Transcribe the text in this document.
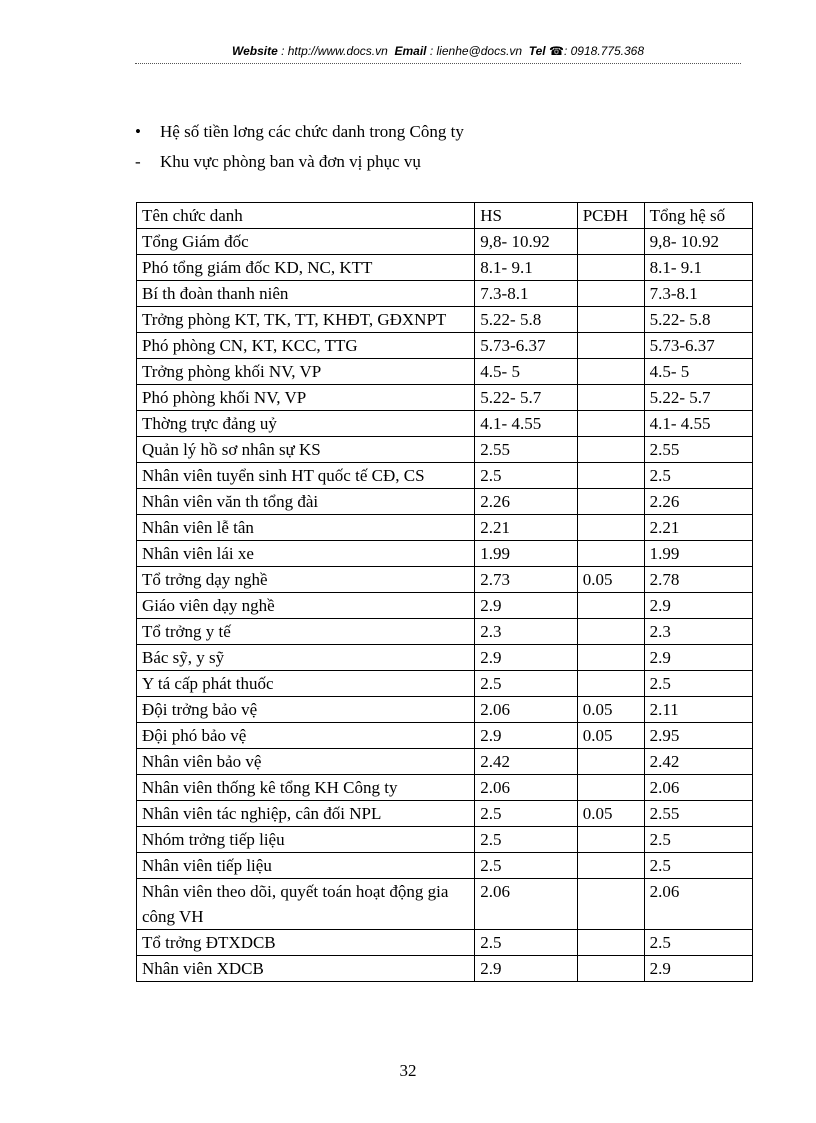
Website : http://www.docs.vn Email : lienhe@docs.vn Tel ☎: 0918.775.368
• Hệ số tiền lơng các chức danh trong Công ty
- Khu vực phòng ban và đơn vị phục vụ
Tên chức danh	HS	PCĐH	Tổng hệ số
Tổng Giám đốc	9,8- 10.92		9,8- 10.92
Phó tổng giám đốc KD, NC, KTT	8.1- 9.1		8.1- 9.1
Bí th đoàn thanh niên	7.3-8.1		7.3-8.1
Trởng phòng KT, TK, TT, KHĐT, GĐXNPT	5.22- 5.8		5.22- 5.8
Phó phòng CN, KT, KCC, TTG	5.73-6.37		5.73-6.37
Trởng phòng khối NV, VP	4.5- 5		4.5- 5
Phó phòng khối NV, VP	5.22- 5.7		5.22- 5.7
Thờng trực đảng uỷ	4.1- 4.55		4.1- 4.55
Quản lý hồ sơ nhân sự KS	2.55		2.55
Nhân viên tuyển sinh HT quốc tế CĐ, CS	2.5		2.5
Nhân viên văn th tổng đài	2.26		2.26
Nhân viên lễ tân	2.21		2.21
Nhân viên lái xe	1.99		1.99
Tổ trởng dạy nghề	2.73	0.05	2.78
Giáo viên dạy nghề	2.9		2.9
Tổ trởng y tế	2.3		2.3
Bác sỹ, y sỹ	2.9		2.9
Y tá cấp phát thuốc	2.5		2.5
Đội trởng bảo vệ	2.06	0.05	2.11
Đội phó bảo vệ	2.9	0.05	2.95
Nhân viên bảo vệ	2.42		2.42
Nhân viên thống kê tổng KH Công ty	2.06		2.06
Nhân viên tác nghiệp, cân đối NPL	2.5	0.05	2.55
Nhóm trởng tiếp liệu	2.5		2.5
Nhân viên tiếp liệu	2.5		2.5
Nhân viên theo dõi, quyết toán hoạt động gia công VH	2.06		2.06
Tổ trởng ĐTXDCB	2.5		2.5
Nhân viên XDCB	2.9		2.9
32
